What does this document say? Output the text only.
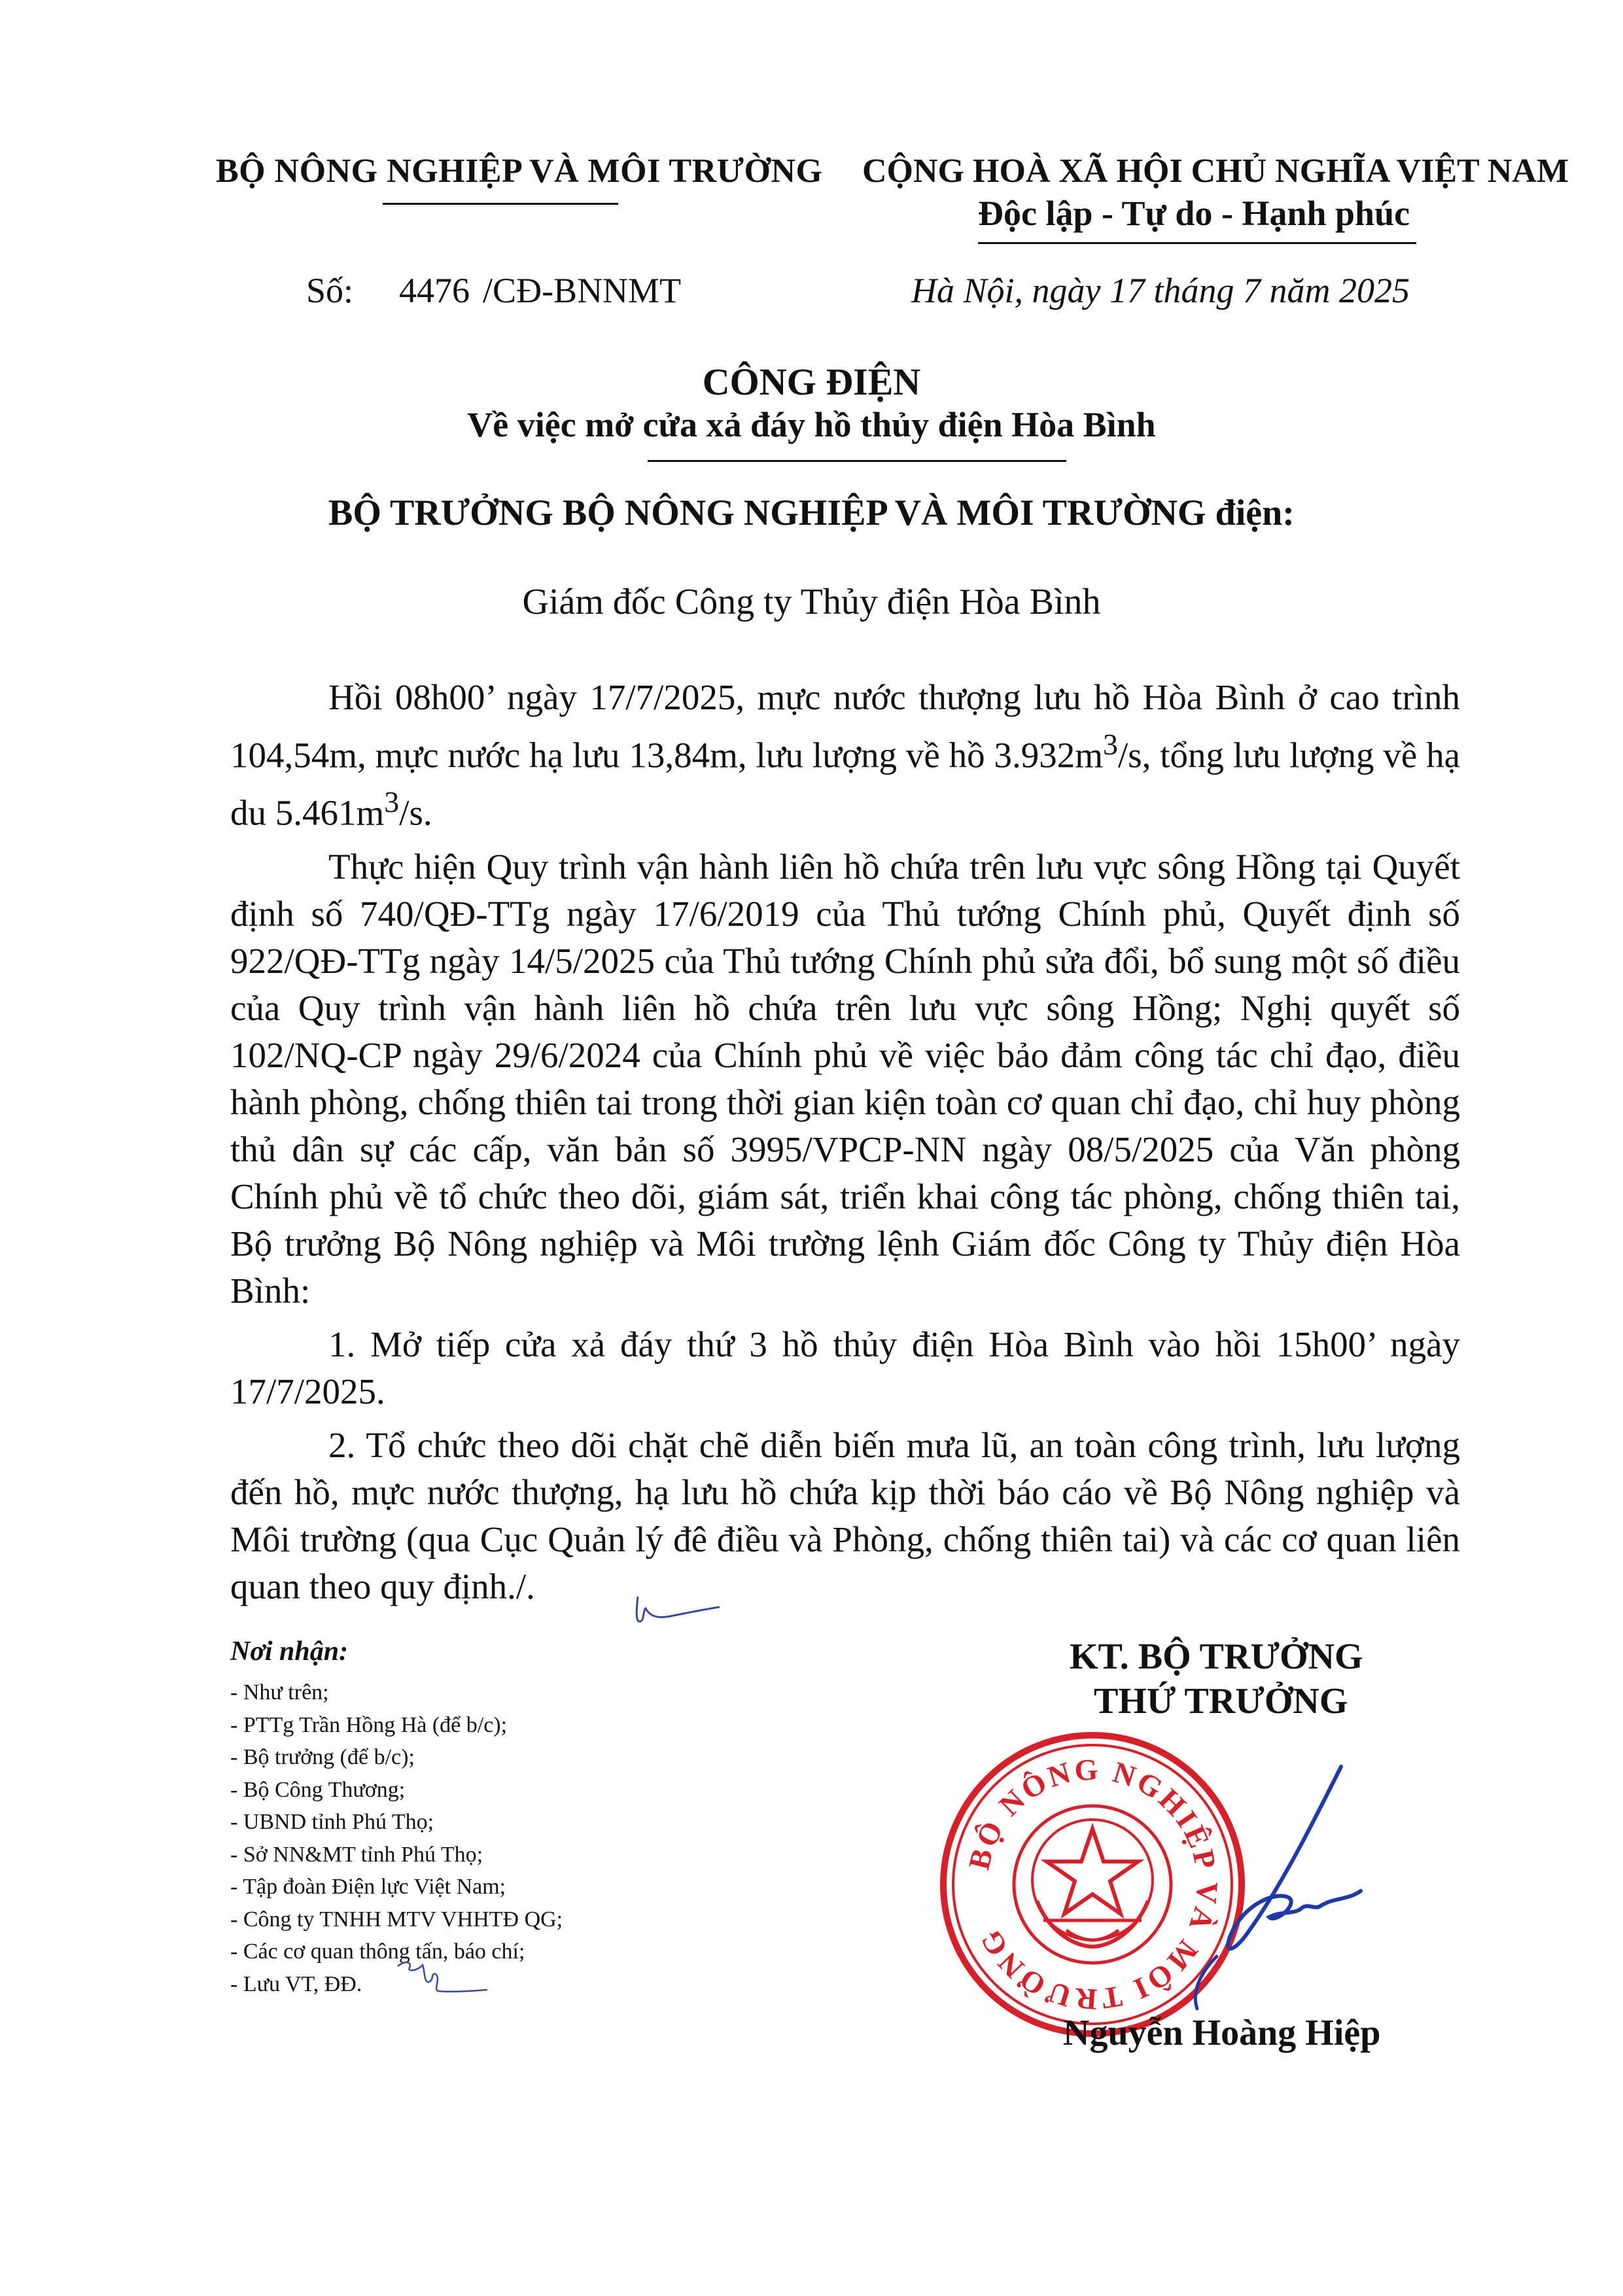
BỘ NÔNG NGHIỆP VÀ MÔI TRƯỜNG CỘNG HOÀ XÃ HỘI CHỦ NGHĨA VIỆT NAM
Độc lập - Tự do - Hạnh phúc
Số: 4476 /CĐ-BNNMT	Hà Nội, ngày 17 tháng 7 năm 2025
CÔNG ĐIỆN
Về việc mở cửa xả đáy hồ thủy điện Hòa Bình
BỘ TRƯỞNG BỘ NÔNG NGHIỆP VÀ MÔI TRƯỜNG điện:
Giám đốc Công ty Thủy điện Hòa Bình

Hồi 08h00’ ngày 17/7/2025, mực nước thượng lưu hồ Hòa Bình ở cao trình 104,54m, mực nước hạ lưu 13,84m, lưu lượng về hồ $3.932m^3/s$, tổng lưu lượng về hạ du $5.461m^3/s$.

Thực hiện Quy trình vận hành liên hồ chứa trên lưu vực sông Hồng tại Quyết định số 740/QĐ-TTg ngày 17/6/2019 của Thủ tướng Chính phủ, Quyết định số 922/QĐ-TTg ngày 14/5/2025 của Thủ tướng Chính phủ sửa đổi, bổ sung một số điều của Quy trình vận hành liên hồ chứa trên lưu vực sông Hồng; Nghị quyết số 102/NQ-CP ngày 29/6/2024 của Chính phủ về việc bảo đảm công tác chỉ đạo, điều hành phòng, chống thiên tai trong thời gian kiện toàn cơ quan chỉ đạo, chỉ huy phòng thủ dân sự các cấp, văn bản số 3995/VPCP-NN ngày 08/5/2025 của Văn phòng Chính phủ về tổ chức theo dõi, giám sát, triển khai công tác phòng, chống thiên tai, Bộ trưởng Bộ Nông nghiệp và Môi trường lệnh Giám đốc Công ty Thủy điện Hòa Bình:

1. Mở tiếp cửa xả đáy thứ 3 hồ thủy điện Hòa Bình vào hồi 15h00’ ngày 17/7/2025.

2. Tổ chức theo dõi chặt chẽ diễn biến mưa lũ, an toàn công trình, lưu lượng đến hồ, mực nước thượng, hạ lưu hồ chứa kịp thời báo cáo về Bộ Nông nghiệp và Môi trường (qua Cục Quản lý đê điều và Phòng, chống thiên tai) và các cơ quan liên quan theo quy định./.

Nơi nhận:
- Như trên;
- PTTg Trần Hồng Hà (để b/c);
- Bộ trưởng (để b/c);
- Bộ Công Thương;
- UBND tỉnh Phú Thọ;
- Sở NN&MT tỉnh Phú Thọ;
- Tập đoàn Điện lực Việt Nam;
- Công ty TNHH MTV VHHTĐ QG;
- Các cơ quan thông tấn, báo chí;
- Lưu VT, ĐĐ.
KT. BỘ TRƯỞNG
THỨ TRƯỞNG
BỘ NÔNG NGHIỆP VÀ MÔI TRƯỜNG
Nguyễn Hoàng Hiệp
